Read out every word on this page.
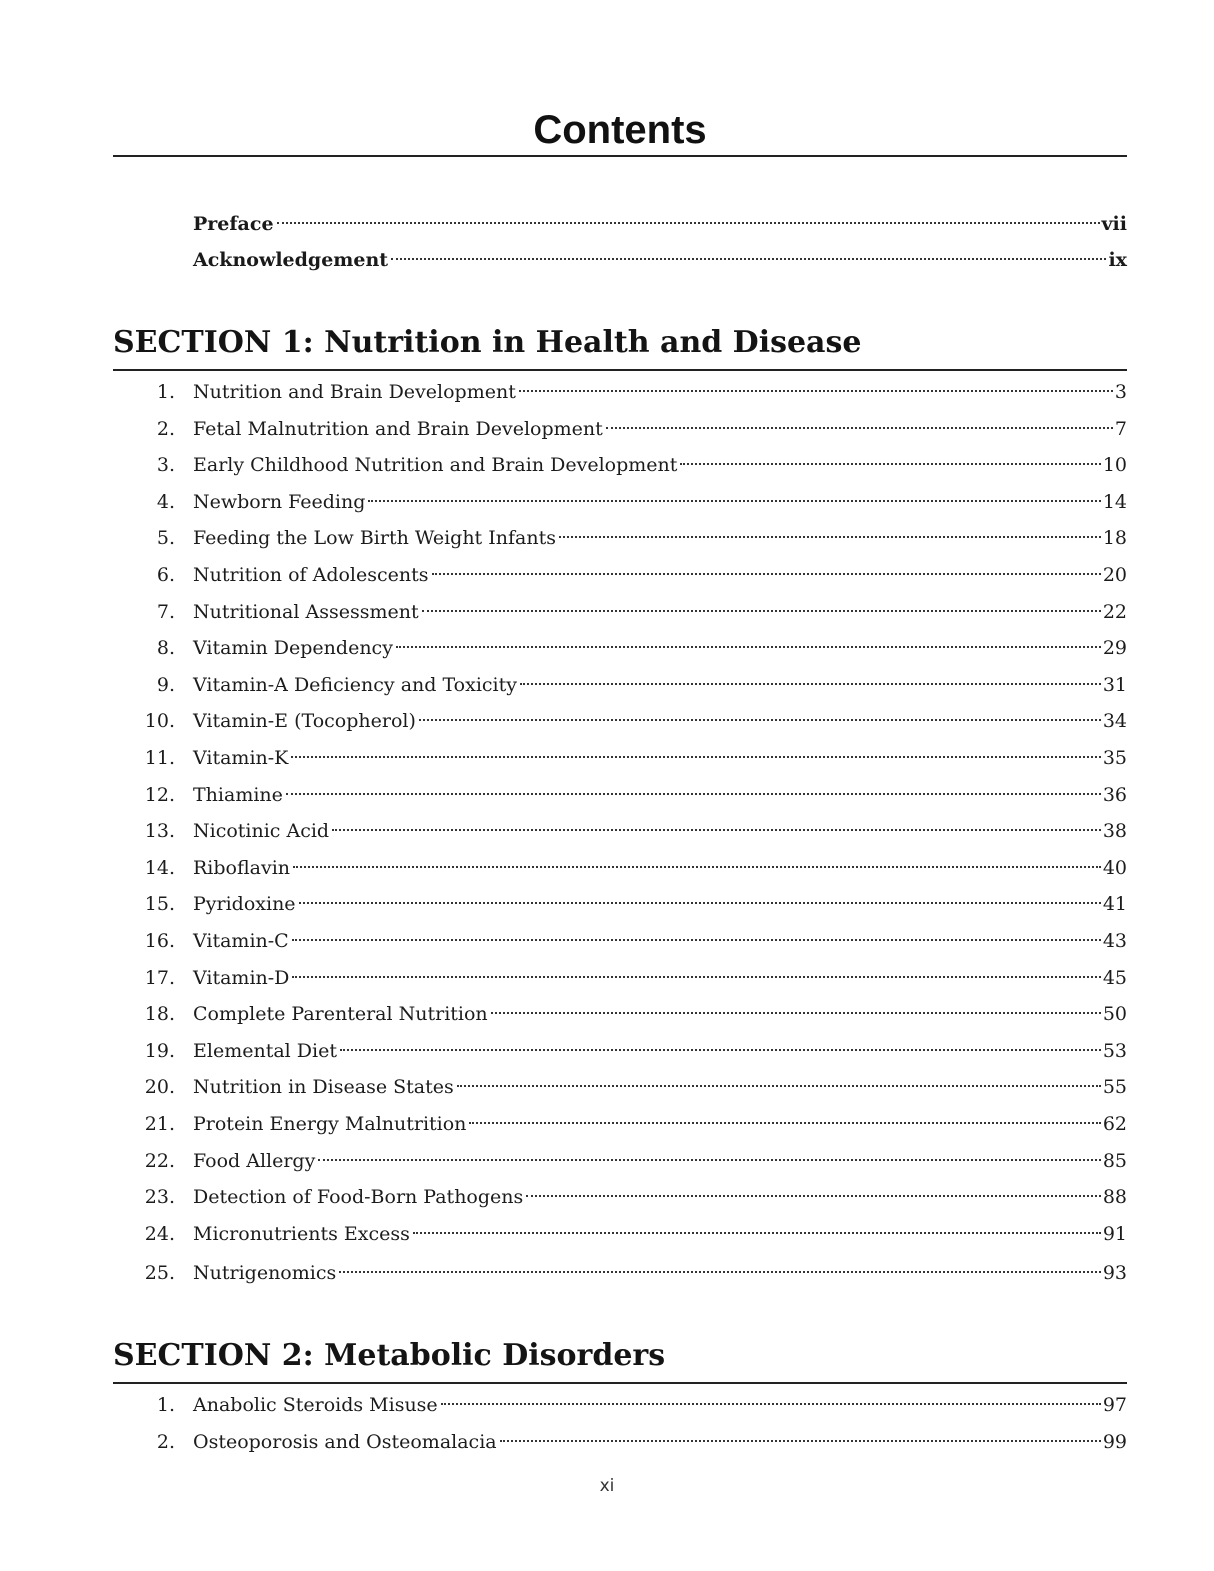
Contents
Preface	vii
Acknowledgement	ix
SECTION 1: Nutrition in Health and Disease
1. Nutrition and Brain Development	3
2. Fetal Malnutrition and Brain Development	7
3. Early Childhood Nutrition and Brain Development	10
4. Newborn Feeding	14
5. Feeding the Low Birth Weight Infants	18
6. Nutrition of Adolescents	20
7. Nutritional Assessment	22
8. Vitamin Dependency	29
9. Vitamin-A Deficiency and Toxicity	31
10. Vitamin-E (Tocopherol)	34
11. Vitamin-K	35
12. Thiamine	36
13. Nicotinic Acid	38
14. Riboflavin	40
15. Pyridoxine	41
16. Vitamin-C	43
17. Vitamin-D	45
18. Complete Parenteral Nutrition	50
19. Elemental Diet	53
20. Nutrition in Disease States	55
21. Protein Energy Malnutrition	62
22. Food Allergy	85
23. Detection of Food-Born Pathogens	88
24. Micronutrients Excess	91
25. Nutrigenomics	93
SECTION 2: Metabolic Disorders
1. Anabolic Steroids Misuse	97
2. Osteoporosis and Osteomalacia	99
xi
